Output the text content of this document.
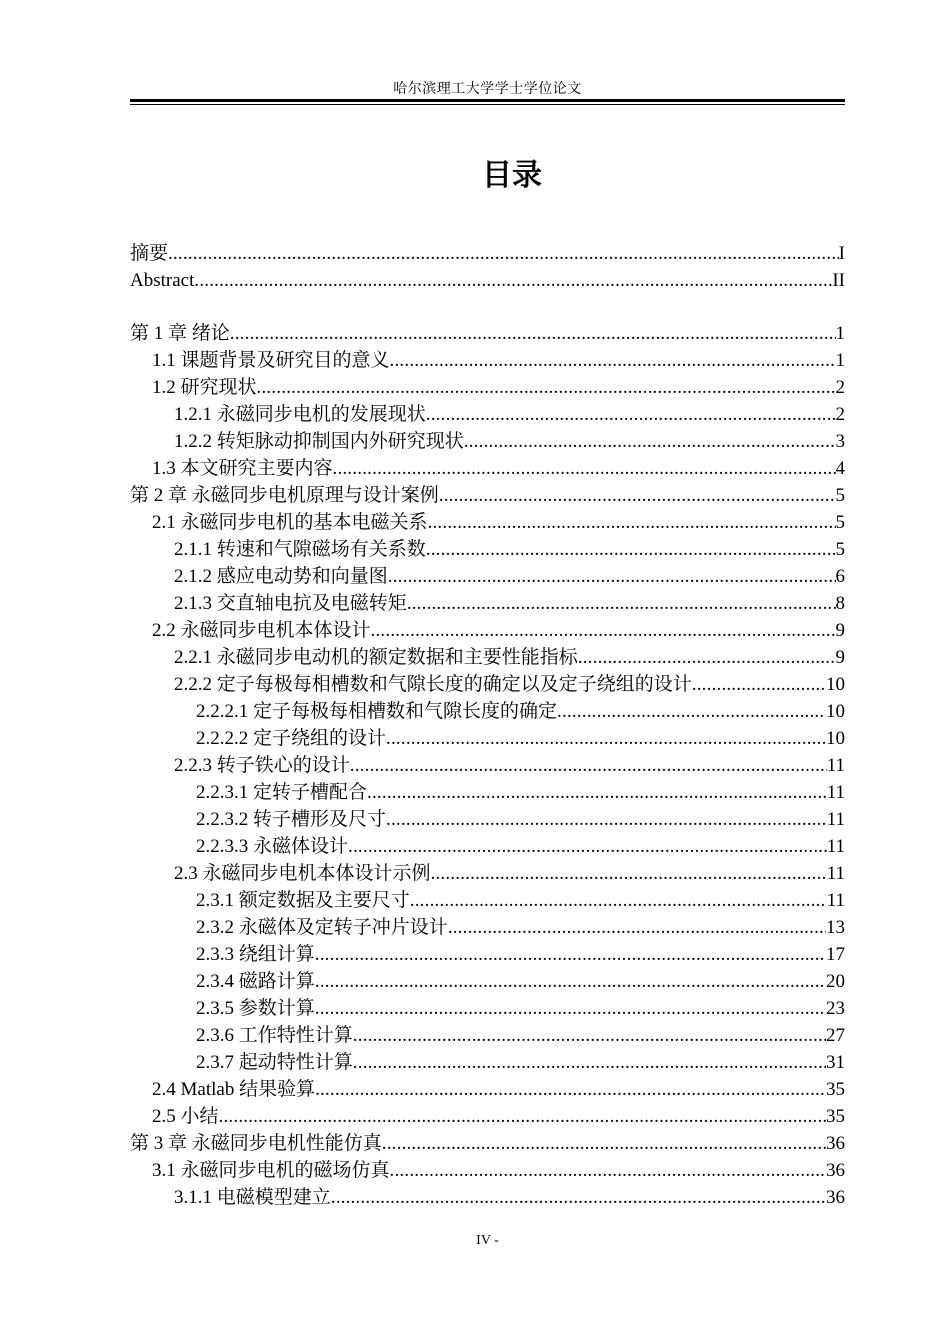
哈尔滨理工大学学士学位论文
目录
摘要 .....	I
Abstract .....	II
第 1 章 绪论 .....	1
1.1 课题背景及研究目的意义 .....	1
1.2 研究现状 .....	2
1.2.1 永磁同步电机的发展现状 .....	2
1.2.2 转矩脉动抑制国内外研究现状 .....	3
1.3 本文研究主要内容 .....	4
第 2 章 永磁同步电机原理与设计案例 .....	5
2.1 永磁同步电机的基本电磁关系 .....	5
2.1.1 转速和气隙磁场有关系数 .....	5
2.1.2 感应电动势和向量图 .....	6
2.1.3 交直轴电抗及电磁转矩 .....	8
2.2 永磁同步电机本体设计 .....	9
2.2.1 永磁同步电动机的额定数据和主要性能指标 .....	9
2.2.2 定子每极每相槽数和气隙长度的确定以及定子绕组的设计 .....	10
2.2.2.1 定子每极每相槽数和气隙长度的确定 .....	10
2.2.2.2 定子绕组的设计 .....	10
2.2.3 转子铁心的设计 .....	11
2.2.3.1 定转子槽配合 .....	11
2.2.3.2 转子槽形及尺寸 .....	11
2.2.3.3 永磁体设计 .....	11
2.3 永磁同步电机本体设计示例 .....	11
2.3.1 额定数据及主要尺寸 .....	11
2.3.2 永磁体及定转子冲片设计 .....	13
2.3.3 绕组计算 .....	17
2.3.4 磁路计算 .....	20
2.3.5 参数计算 .....	23
2.3.6 工作特性计算 .....	27
2.3.7 起动特性计算 .....	31
2.4 Matlab 结果验算 .....	35
2.5 小结 .....	35
第 3 章 永磁同步电机性能仿真 .....	36
3.1 永磁同步电机的磁场仿真 .....	36
3.1.1 电磁模型建立 .....	36
IV -
